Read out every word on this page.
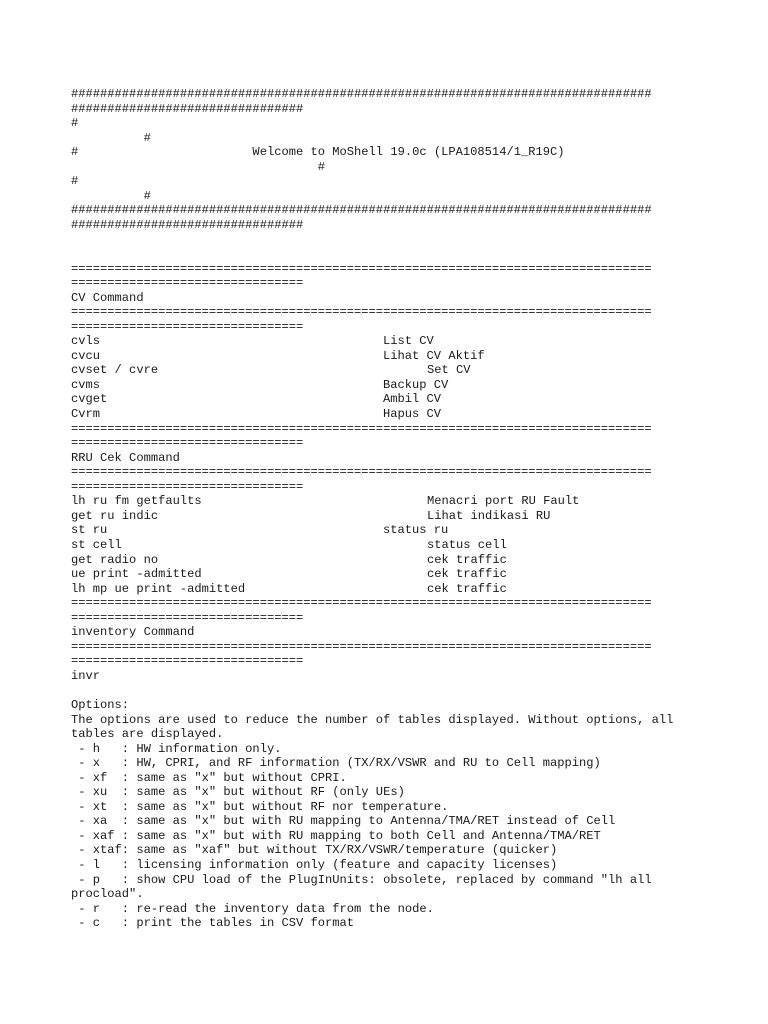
################################################################################
################################
#
#
#                        Welcome to MoShell 19.0c (LPA108514/1_R19C)
#
#
#
################################################################################
################################
================================================================================
================================
CV Command
================================================================================
================================
cvls	List CV
cvcu	Lihat CV Aktif
cvset / cvre	Set CV
cvms	Backup CV
cvget	Ambil CV
Cvrm	Hapus CV
================================================================================
================================
RRU Cek Command
================================================================================
================================
lh ru fm getfaults	Menacri port RU Fault
get ru indic	Lihat indikasi RU
st ru	status ru
st cell	status cell
get radio no	cek traffic
ue print -admitted	cek traffic
lh mp ue print -admitted	cek traffic
================================================================================
================================
inventory Command
================================================================================
================================
invr
Options:
The options are used to reduce the number of tables displayed. Without options, all
tables are displayed.
- h   : HW information only.
- x   : HW, CPRI, and RF information (TX/RX/VSWR and RU to Cell mapping)
- xf  : same as "x" but without CPRI.
- xu  : same as "x" but without RF (only UEs)
- xt  : same as "x" but without RF nor temperature.
- xa  : same as "x" but with RU mapping to Antenna/TMA/RET instead of Cell
- xaf : same as "x" but with RU mapping to both Cell and Antenna/TMA/RET
- xtaf: same as "xaf" but without TX/RX/VSWR/temperature (quicker)
- l   : licensing information only (feature and capacity licenses)
- p   : show CPU load of the PlugInUnits: obsolete, replaced by command "lh all
procload".
- r   : re-read the inventory data from the node.
- c   : print the tables in CSV format
